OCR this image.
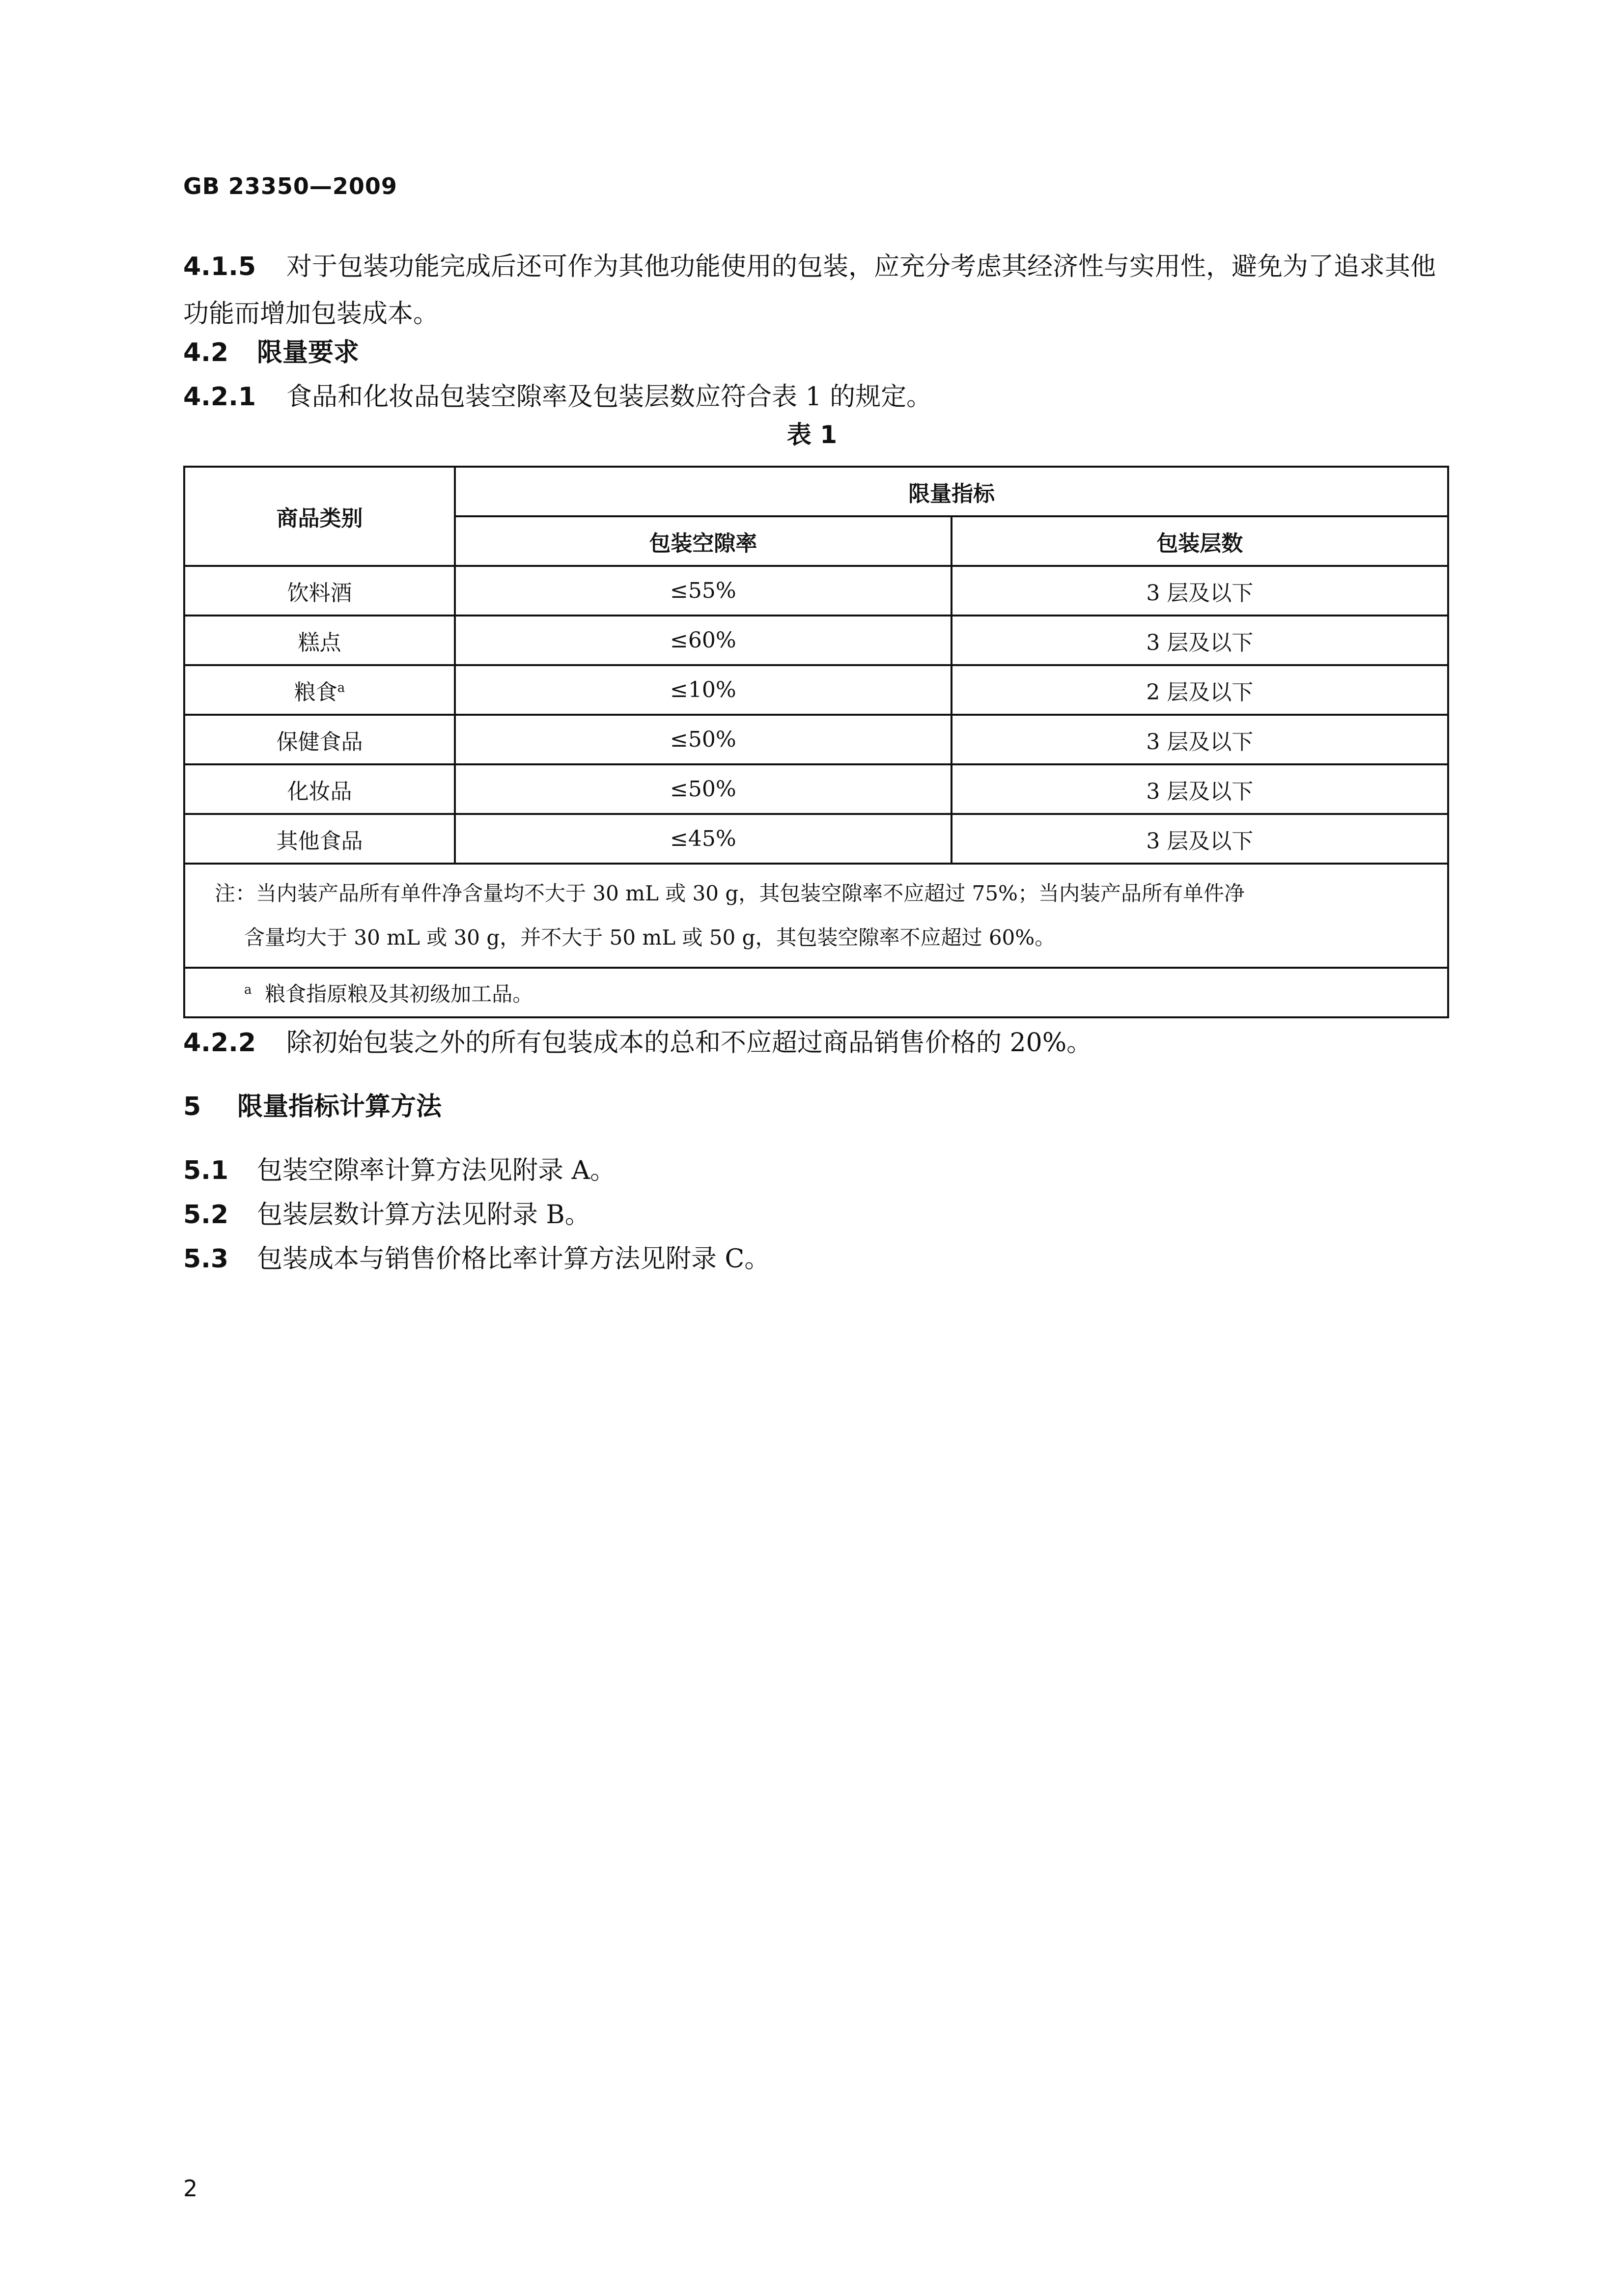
GB 23350—2009
4.1.5 对于包装功能完成后还可作为其他功能使用的包装，应充分考虑其经济性与实用性，避免为了追求其他功能而增加包装成本。
4.2 限量要求
4.2.1 食品和化妆品包装空隙率及包装层数应符合表 1 的规定。
表 1
商品类别	限量指标	
	包装空隙率	包装层数
饮料酒	≤55%	3 层及以下
糕点	≤60%	3 层及以下
粮食$^a$	≤10%	2 层及以下
保健食品	≤50%	3 层及以下
化妆品	≤50%	3 层及以下
其他食品	≤45%	3 层及以下

注：当内装产品所有单件净含量均不大于 30 mL 或 30 g，其包装空隙率不应超过 75%；当内装产品所有单件净
含量均大于 30 mL 或 30 g，并不大于 50 mL 或 50 g，其包装空隙率不应超过 60%。		
$^a$ 粮食指原粮及其初级加工品。		
4.2.2 除初始包装之外的所有包装成本的总和不应超过商品销售价格的 20%。
5 限量指标计算方法
5.1 包装空隙率计算方法见附录 A。
5.2 包装层数计算方法见附录 B。
5.3 包装成本与销售价格比率计算方法见附录 C。
2
